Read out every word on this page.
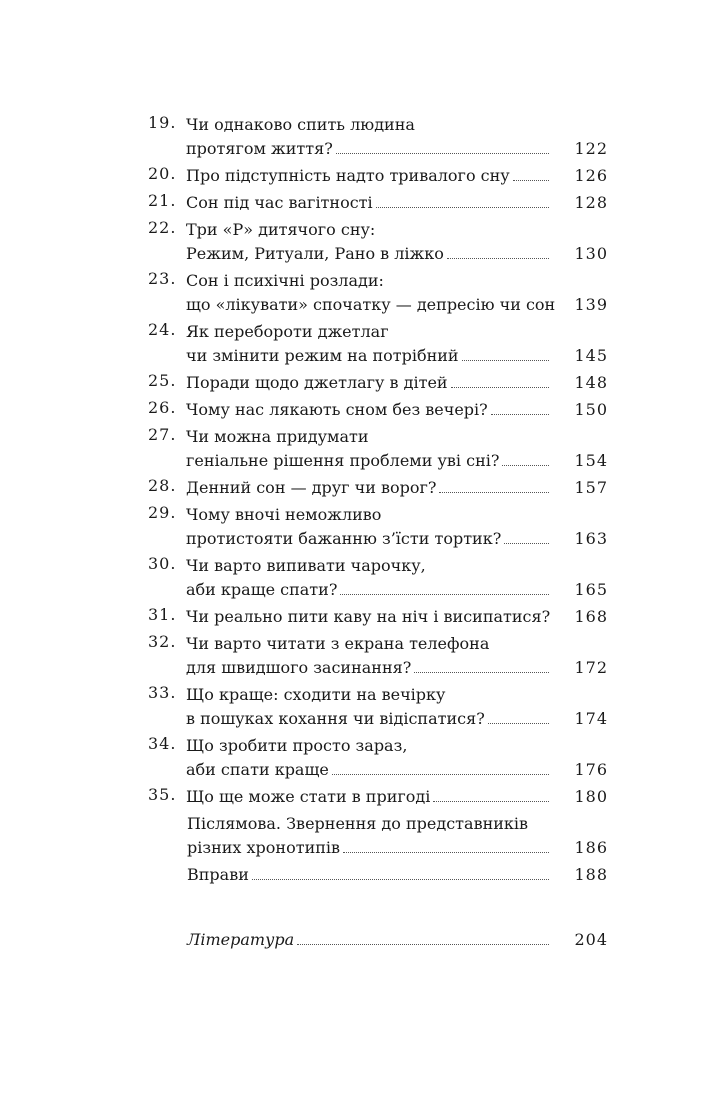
19. Чи однаково спить людина
протягом життя?	122
20. Про підступність надто тривалого сну	126
21. Сон під час вагітності	128
22. Три «Р» дитячого сну:
Режим, Ритуали, Рано в ліжко	130
23. Сон і психічні розлади:
що «лікувати» спочатку — депресію чи сон	139
24. Як перебороти джетлаг
чи змінити режим на потрібний	145
25. Поради щодо джетлагу в дітей	148
26. Чому нас лякають сном без вечері?	150
27. Чи можна придумати
геніальне рішення проблеми уві сні?	154
28. Денний сон — друг чи ворог?	157
29. Чому вночі неможливо
протистояти бажанню з’їсти тортик?	163
30. Чи варто випивати чарочку,
аби краще спати?	165
31. Чи реально пити каву на ніч і висипатися?	168
32. Чи варто читати з екрана телефона
для швидшого засинання?	172
33. Що краще: сходити на вечірку
в пошуках кохання чи відіспатися?	174
34. Що зробити просто зараз,
аби спати краще	176
35. Що ще може стати в пригоді	180
Післямова. Звернення до представників
різних хронотипів	186
Вправи	188
Література	204
